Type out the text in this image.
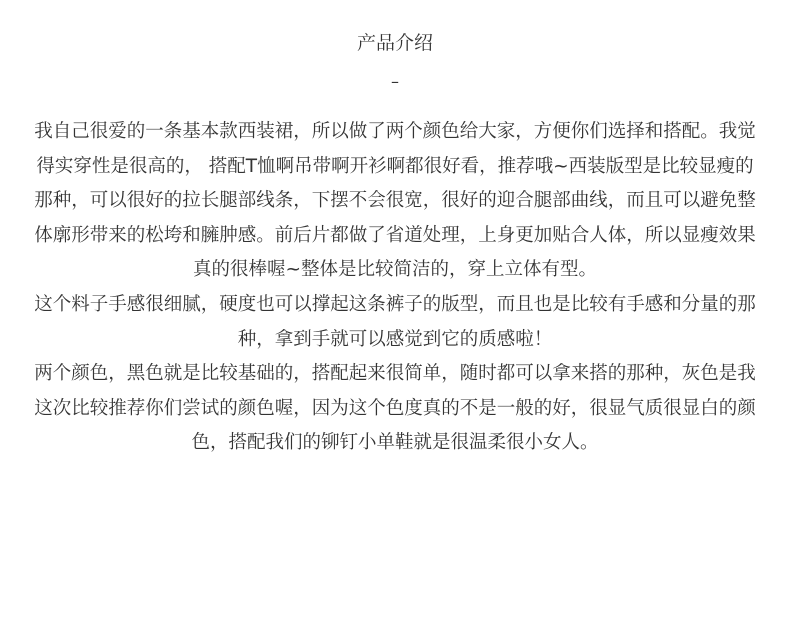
产品介绍
–

我自己很爱的一条基本款西装裙，所以做了两个颜色给大家，方便你们选择和搭配。我觉得实穿性是很高的， 搭配T恤啊吊带啊开衫啊都很好看，推荐哦~西装版型是比较显瘦的那种，可以很好的拉长腿部线条，下摆不会很宽，很好的迎合腿部曲线，而且可以避免整体廓形带来的松垮和臃肿感。前后片都做了省道处理，上身更加贴合人体，所以显瘦效果真的很棒喔~整体是比较简洁的，穿上立体有型。

这个料子手感很细腻，硬度也可以撑起这条裤子的版型，而且也是比较有手感和分量的那种，拿到手就可以感觉到它的质感啦！

两个颜色，黑色就是比较基础的，搭配起来很简单，随时都可以拿来搭的那种，灰色是我这次比较推荐你们尝试的颜色喔，因为这个色度真的不是一般的好，很显气质很显白的颜色，搭配我们的铆钉小单鞋就是很温柔很小女人。
